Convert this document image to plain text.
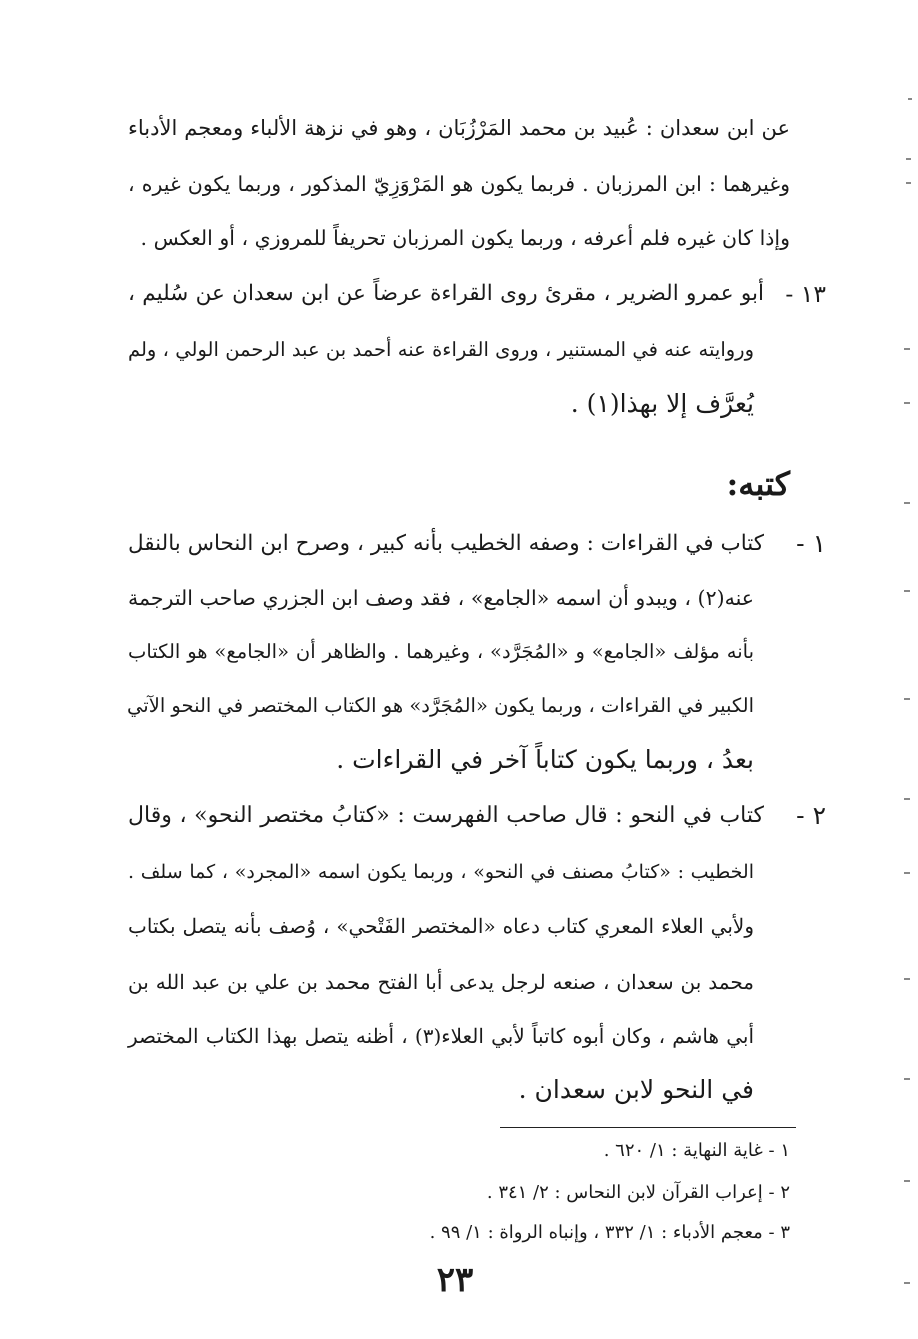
عن ابن سعدان : عُبيد بن محمد المَرْزُبَان ، وهو في نزهة الألباء ومعجم الأدباء
وغيرهما : ابن المرزبان . فربما يكون هو المَرْوَزِيّ المذكور ، وربما يكون غيره ،
وإذا كان غيره فلم أعرفه ، وربما يكون المرزبان تحريفاً للمروزي ، أو العكس .
١٣ -
أبو عمرو الضرير ، مقرئ روى القراءة عرضاً عن ابن سعدان عن سُليم ،
وروايته عنه في المستنير ، وروى القراءة عنه أحمد بن عبد الرحمن الولي ، ولم
يُعرَّف إلا بهذا(١) .
كتبه:
١ -
كتاب في القراءات : وصفه الخطيب بأنه كبير ، وصرح ابن النحاس بالنقل
عنه(٢) ، ويبدو أن اسمه «الجامع» ، فقد وصف ابن الجزري صاحب الترجمة
بأنه مؤلف «الجامع» و «المُجَرَّد» ، وغيرهما . والظاهر أن «الجامع» هو الكتاب
الكبير في القراءات ، وربما يكون «المُجَرَّد» هو الكتاب المختصر في النحو الآتي
بعدُ ، وربما يكون كتاباً آخر في القراءات .
٢ -
كتاب في النحو : قال صاحب الفهرست : «كتابُ مختصر النحو» ، وقال
الخطيب : «كتابُ مصنف في النحو» ، وربما يكون اسمه «المجرد» ، كما سلف .
ولأبي العلاء المعري كتاب دعاه «المختصر الفَتْحي» ، وُصف بأنه يتصل بكتاب
محمد بن سعدان ، صنعه لرجل يدعى أبا الفتح محمد بن علي بن عبد الله بن
أبي هاشم ، وكان أبوه كاتباً لأبي العلاء(٣) ، أظنه يتصل بهذا الكتاب المختصر
في النحو لابن سعدان .
١ - غاية النهاية : ١/ ٦٢٠ .
٢ - إعراب القرآن لابن النحاس : ٢/ ٣٤١ .
٣ - معجم الأدباء : ١/ ٣٣٢ ، وإنباه الرواة : ١/ ٩٩ .
٢٣
